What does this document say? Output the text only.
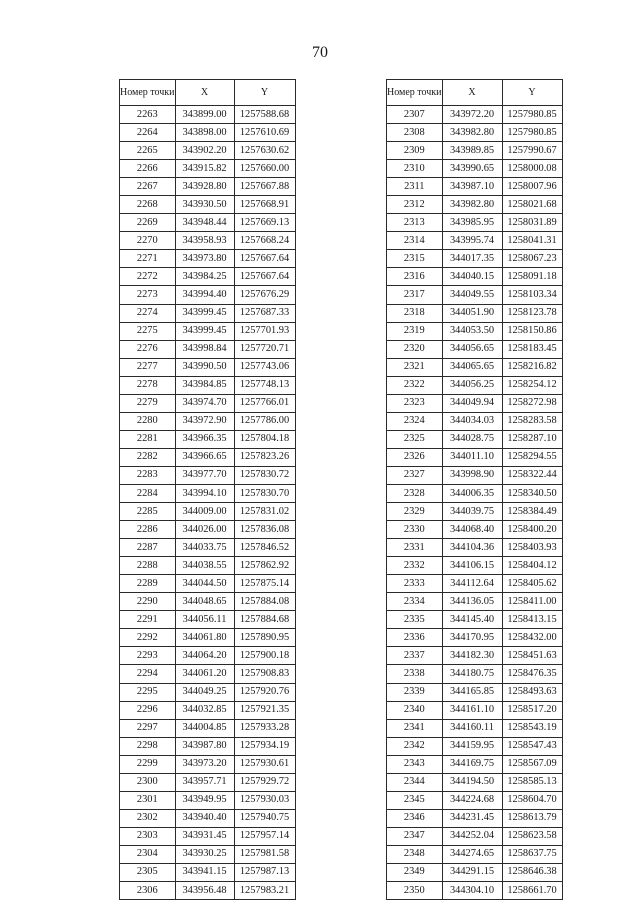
70
Номер точки	X	Y
2263	343899.00	1257588.68
2264	343898.00	1257610.69
2265	343902.20	1257630.62
2266	343915.82	1257660.00
2267	343928.80	1257667.88
2268	343930.50	1257668.91
2269	343948.44	1257669.13
2270	343958.93	1257668.24
2271	343973.80	1257667.64
2272	343984.25	1257667.64
2273	343994.40	1257676.29
2274	343999.45	1257687.33
2275	343999.45	1257701.93
2276	343998.84	1257720.71
2277	343990.50	1257743.06
2278	343984.85	1257748.13
2279	343974.70	1257766.01
2280	343972.90	1257786.00
2281	343966.35	1257804.18
2282	343966.65	1257823.26
2283	343977.70	1257830.72
2284	343994.10	1257830.70
2285	344009.00	1257831.02
2286	344026.00	1257836.08
2287	344033.75	1257846.52
2288	344038.55	1257862.92
2289	344044.50	1257875.14
2290	344048.65	1257884.08
2291	344056.11	1257884.68
2292	344061.80	1257890.95
2293	344064.20	1257900.18
2294	344061.20	1257908.83
2295	344049.25	1257920.76
2296	344032.85	1257921.35
2297	344004.85	1257933.28
2298	343987.80	1257934.19
2299	343973.20	1257930.61
2300	343957.71	1257929.72
2301	343949.95	1257930.03
2302	343940.40	1257940.75
2303	343931.45	1257957.14
2304	343930.25	1257981.58
2305	343941.15	1257987.13
2306	343956.48	1257983.21
Номер точки	X	Y
2307	343972.20	1257980.85
2308	343982.80	1257980.85
2309	343989.85	1257990.67
2310	343990.65	1258000.08
2311	343987.10	1258007.96
2312	343982.80	1258021.68
2313	343985.95	1258031.89
2314	343995.74	1258041.31
2315	344017.35	1258067.23
2316	344040.15	1258091.18
2317	344049.55	1258103.34
2318	344051.90	1258123.78
2319	344053.50	1258150.86
2320	344056.65	1258183.45
2321	344065.65	1258216.82
2322	344056.25	1258254.12
2323	344049.94	1258272.98
2324	344034.03	1258283.58
2325	344028.75	1258287.10
2326	344011.10	1258294.55
2327	343998.90	1258322.44
2328	344006.35	1258340.50
2329	344039.75	1258384.49
2330	344068.40	1258400.20
2331	344104.36	1258403.93
2332	344106.15	1258404.12
2333	344112.64	1258405.62
2334	344136.05	1258411.00
2335	344145.40	1258413.15
2336	344170.95	1258432.00
2337	344182.30	1258451.63
2338	344180.75	1258476.35
2339	344165.85	1258493.63
2340	344161.10	1258517.20
2341	344160.11	1258543.19
2342	344159.95	1258547.43
2343	344169.75	1258567.09
2344	344194.50	1258585.13
2345	344224.68	1258604.70
2346	344231.45	1258613.79
2347	344252.04	1258623.58
2348	344274.65	1258637.75
2349	344291.15	1258646.38
2350	344304.10	1258661.70
